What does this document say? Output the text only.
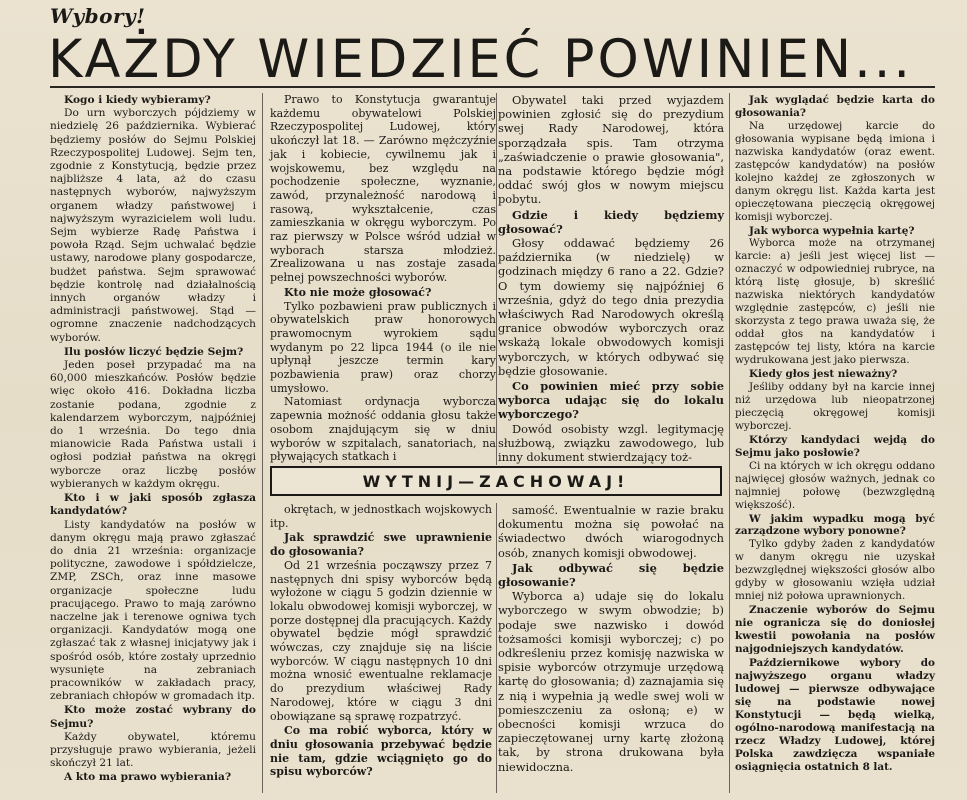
Wybory!
KAŻDY WIEDZIEĆ POWINIEN...
Kogo i kiedy wybieramy?

Do urn wyborczych pójdziemy w niedzielę 26 października. Wybierać będziemy posłów do Sejmu Polskiej Rzeczypospolitej Ludowej. Sejm ten, zgodnie z Konstytucją, będzie przez najbliższe 4 lata, aż do czasu następnych wyborów, najwyższym organem władzy państwowej i najwyższym wyrazicielem woli ludu. Sejm wybierze Radę Państwa i powoła Rząd. Sejm uchwalać będzie ustawy, narodowe plany gospodarcze, budżet państwa. Sejm sprawować będzie kontrolę nad działalnością innych organów władzy i administracji państwowej. Stąd — ogromne znaczenie nadchodzących wyborów.

Ilu posłów liczyć będzie Sejm?

Jeden poseł przypadać ma na 60,000 mieszkańców. Posłów będzie więc około 416. Dokładna liczba zostanie podana, zgodnie z kalendarzem wyborczym, najpóźniej do 1 września. Do tego dnia mianowicie Rada Państwa ustali i ogłosi podział państwa na okręgi wyborcze oraz liczbę posłów wybieranych w każdym okręgu.

Kto i w jaki sposób zgłasza kandydatów?

Listy kandydatów na posłów w danym okręgu mają prawo zgłaszać do dnia 21 września: organizacje polityczne, zawodowe i spółdzielcze, ZMP, ZSCh, oraz inne masowe organizacje społeczne ludu pracującego. Prawo to mają zarówno naczelne jak i terenowe ogniwa tych organizacji. Kandydatów mogą one zgłaszać tak z własnej inicjatywy jak i spośród osób, które zostały uprzednio wysunięte na zebraniach pracowników w zakładach pracy, zebraniach chłopów w gromadach itp.

Kto może zostać wybrany do Sejmu?

Każdy obywatel, któremu przysługuje prawo wybierania, jeżeli skończył 21 lat.

A kto ma prawo wybierania?

Prawo to Konstytucja gwarantuje każdemu obywatelowi Polskiej Rzeczypospolitej Ludowej, który ukończył lat 18. — Zarówno mężczyźnie jak i kobiecie, cywilnemu jak i wojskowemu, bez względu na pochodzenie społeczne, wyznanie, zawód, przynależność narodową i rasową, wykształcenie, czas zamieszkania w okręgu wyborczym. Po raz pierwszy w Polsce wśród udział w wyborach starsza młodzież. Zrealizowana u nas zostaje zasada pełnej powszechności wyborów.

Kto nie może głosować?

Tylko pozbawieni praw publicznych i obywatelskich praw honorowych prawomocnym wyrokiem sądu wydanym po 22 lipca 1944 (o ile nie upłynął jeszcze termin kary pozbawienia praw) oraz chorzy umysłowo.

Natomiast ordynacja wyborcza zapewnia możność oddania głosu także osobom znajdującym się w dniu wyborów w szpitalach, sanatoriach, na pływających statkach i

Obywatel taki przed wyjazdem powinien zgłosić się do prezydium swej Rady Narodowej, która sporządzała spis. Tam otrzyma „zaświadczenie o prawie głosowania", na podstawie którego będzie mógł oddać swój głos w nowym miejscu pobytu.

Gdzie i kiedy będziemy głosować?

Głosy oddawać będziemy 26 października (w niedzielę) w godzinach między 6 rano a 22. Gdzie? O tym dowiemy się najpóźniej 6 września, gdyż do tego dnia prezydia właściwych Rad Narodowych określą granice obwodów wyborczych oraz wskażą lokale obwodowych komisji wyborczych, w których odbywać się będzie głosowanie.

Co powinien mieć przy sobie wyborca udając się do lokalu wyborczego?

Dowód osobisty wzgl. legitymację służbową, związku zawodowego, lub inny dokument stwierdzający toż-

Jak wyglądać będzie karta do głosowania?

Na urzędowej karcie do głosowania wypisane będą imiona i nazwiska kandydatów (oraz ewent. zastępców kandydatów) na posłów kolejno każdej ze zgłoszonych w danym okręgu list. Każda karta jest opieczętowana pieczęcią okręgowej komisji wyborczej.

Jak wyborca wypełnia kartę?

Wyborca może na otrzymanej karcie: a) jeśli jest więcej list — oznaczyć w odpowiedniej rubryce, na którą listę głosuje, b) skreślić nazwiska niektórych kandydatów względnie zastępców, c) jeśli nie skorzysta z tego prawa uważa się, że oddał głos na kandydatów i zastępców tej listy, która na karcie wydrukowana jest jako pierwsza.

Kiedy głos jest nieważny?

Jeśliby oddany był na karcie innej niż urzędowa lub nieopatrzonej pieczęcią okręgowej komisji wyborczej.

Którzy kandydaci wejdą do Sejmu jako posłowie?

Ci na których w ich okręgu oddano najwięcej głosów ważnych, jednak co najmniej połowę (bezwzględną większość).

W jakim wypadku mogą być zarządzone wybory ponowne?

Tylko gdyby żaden z kandydatów w danym okręgu nie uzyskał bezwzględnej większości głosów albo gdyby w głosowaniu wzięła udział mniej niż połowa uprawnionych.

Znaczenie wyborów do Sejmu nie ogranicza się do doniosłej kwestii powołania na posłów najgodniejszych kandydatów.
Październikowe wybory do najwyższego organu władzy ludowej — pierwsze odbywające się na podstawie nowej Konstytucji — będą wielką, ogólno-narodową manifestacją na rzecz Władzy Ludowej, której Polska zawdzięcza wspaniałe osiągnięcia ostatnich 8 lat.
WYTNIJ—ZACHOWAJ!

okrętach, w jednostkach wojskowych itp.

Jak sprawdzić swe uprawnienie do głosowania?

Od 21 września począwszy przez 7 następnych dni spisy wyborców będą wyłożone w ciągu 5 godzin dziennie w lokalu obwodowej komisji wyborczej, w porze dostępnej dla pracujących. Każdy obywatel będzie mógł sprawdzić wówczas, czy znajduje się na liście wyborców. W ciągu następnych 10 dni można wnosić ewentualne reklamacje do prezydium właściwej Rady Narodowej, które w ciągu 3 dni obowiązane są sprawę rozpatrzyć.

Co ma robić wyborca, który w dniu głosowania przebywać będzie nie tam, gdzie wciągnięto go do spisu wyborców?

samość. Ewentualnie w razie braku dokumentu można się powołać na świadectwo dwóch wiarogodnych osób, znanych komisji obwodowej.

Jak odbywać się będzie głosowanie?

Wyborca a) udaje się do lokalu wyborczego w swym obwodzie; b) podaje swe nazwisko i dowód tożsamości komisji wyborczej; c) po odkreśleniu przez komisję nazwiska w spisie wyborców otrzymuje urzędową kartę do głosowania; d) zaznajamia się z nią i wypełnia ją wedle swej woli w pomieszczeniu za osłoną; e) w obecności komisji wrzuca do zapieczętowanej urny kartę złożoną tak, by strona drukowana była niewidoczna.
